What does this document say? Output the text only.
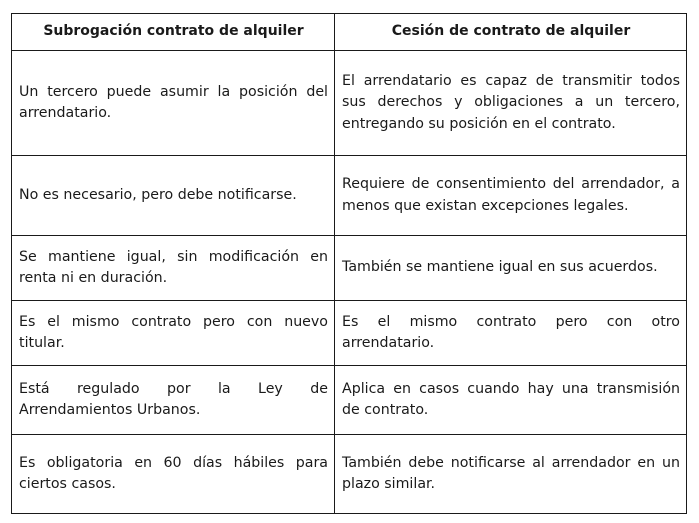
Subrogación contrato de alquiler	Cesión de contrato de alquiler
Un tercero puede asumir la posición del arrendatario.	El arrendatario es capaz de transmitir todos sus derechos y obligaciones a un tercero, entregando su posición en el contrato.
No es necesario, pero debe notificarse.	Requiere de consentimiento del arrendador, a menos que existan excepciones legales.
Se mantiene igual, sin modificación en renta ni en duración.	También se mantiene igual en sus acuerdos.
Es el mismo contrato pero con nuevo titular.	Es el mismo contrato pero con otro arrendatario.
Está regulado por la Ley de Arrendamientos Urbanos.	Aplica en casos cuando hay una transmisión de contrato.
Es obligatoria en 60 días hábiles para ciertos casos.	También debe notificarse al arrendador en un plazo similar.
